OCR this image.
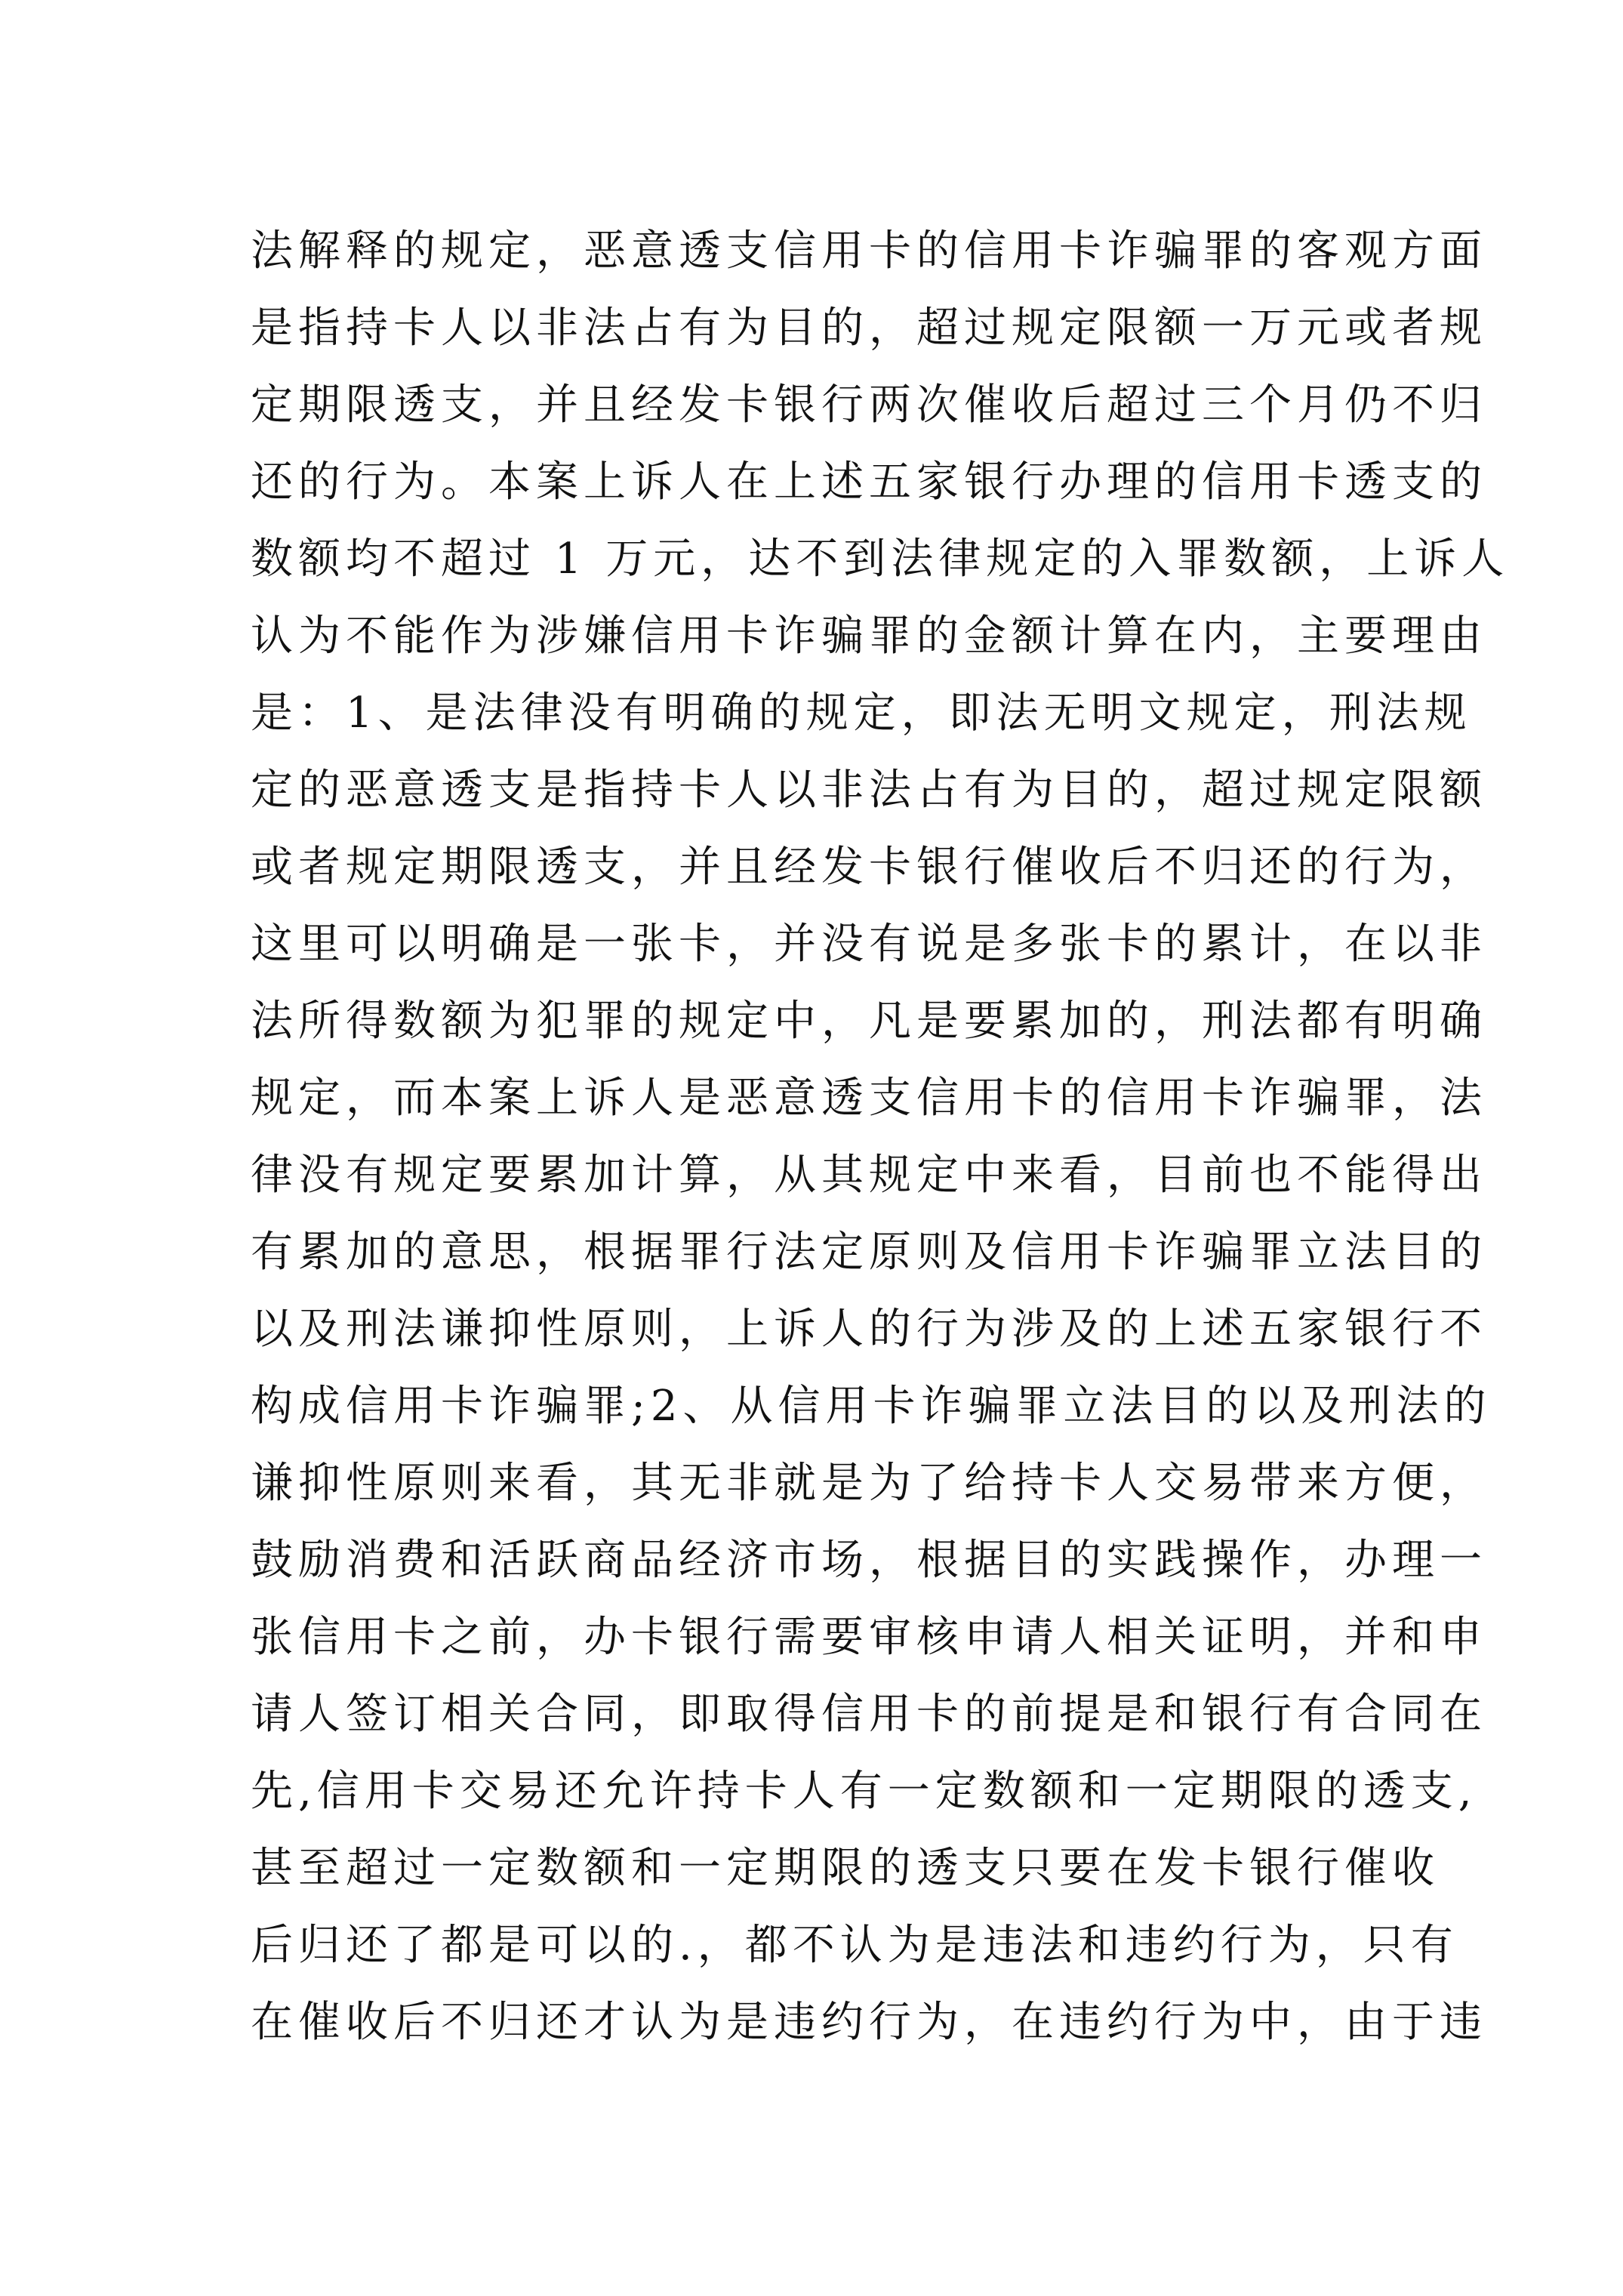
法解释的规定，恶意透支信用卡的信用卡诈骗罪的客观方面
是指持卡人以非法占有为目的，超过规定限额一万元或者规
定期限透支，并且经发卡银行两次催收后超过三个月仍不归
还的行为。本案上诉人在上述五家银行办理的信用卡透支的
数额均不超过 1 万元，达不到法律规定的入罪数额，上诉人
认为不能作为涉嫌信用卡诈骗罪的金额计算在内，主要理由
是：1、是法律没有明确的规定，即法无明文规定，刑法规
定的恶意透支是指持卡人以非法占有为目的，超过规定限额
或者规定期限透支，并且经发卡银行催收后不归还的行为，
这里可以明确是一张卡，并没有说是多张卡的累计，在以非
法所得数额为犯罪的规定中，凡是要累加的，刑法都有明确
规定，而本案上诉人是恶意透支信用卡的信用卡诈骗罪，法
律没有规定要累加计算，从其规定中来看，目前也不能得出
有累加的意思，根据罪行法定原则及信用卡诈骗罪立法目的
以及刑法谦抑性原则，上诉人的行为涉及的上述五家银行不
构成信用卡诈骗罪;2、从信用卡诈骗罪立法目的以及刑法的
谦抑性原则来看，其无非就是为了给持卡人交易带来方便，
鼓励消费和活跃商品经济市场，根据目的实践操作，办理一
张信用卡之前，办卡银行需要审核申请人相关证明，并和申
请人签订相关合同，即取得信用卡的前提是和银行有合同在
先,信用卡交易还允许持卡人有一定数额和一定期限的透支,
甚至超过一定数额和一定期限的透支只要在发卡银行催收
后归还了都是可以的.，都不认为是违法和违约行为，只有
在催收后不归还才认为是违约行为，在违约行为中，由于违
